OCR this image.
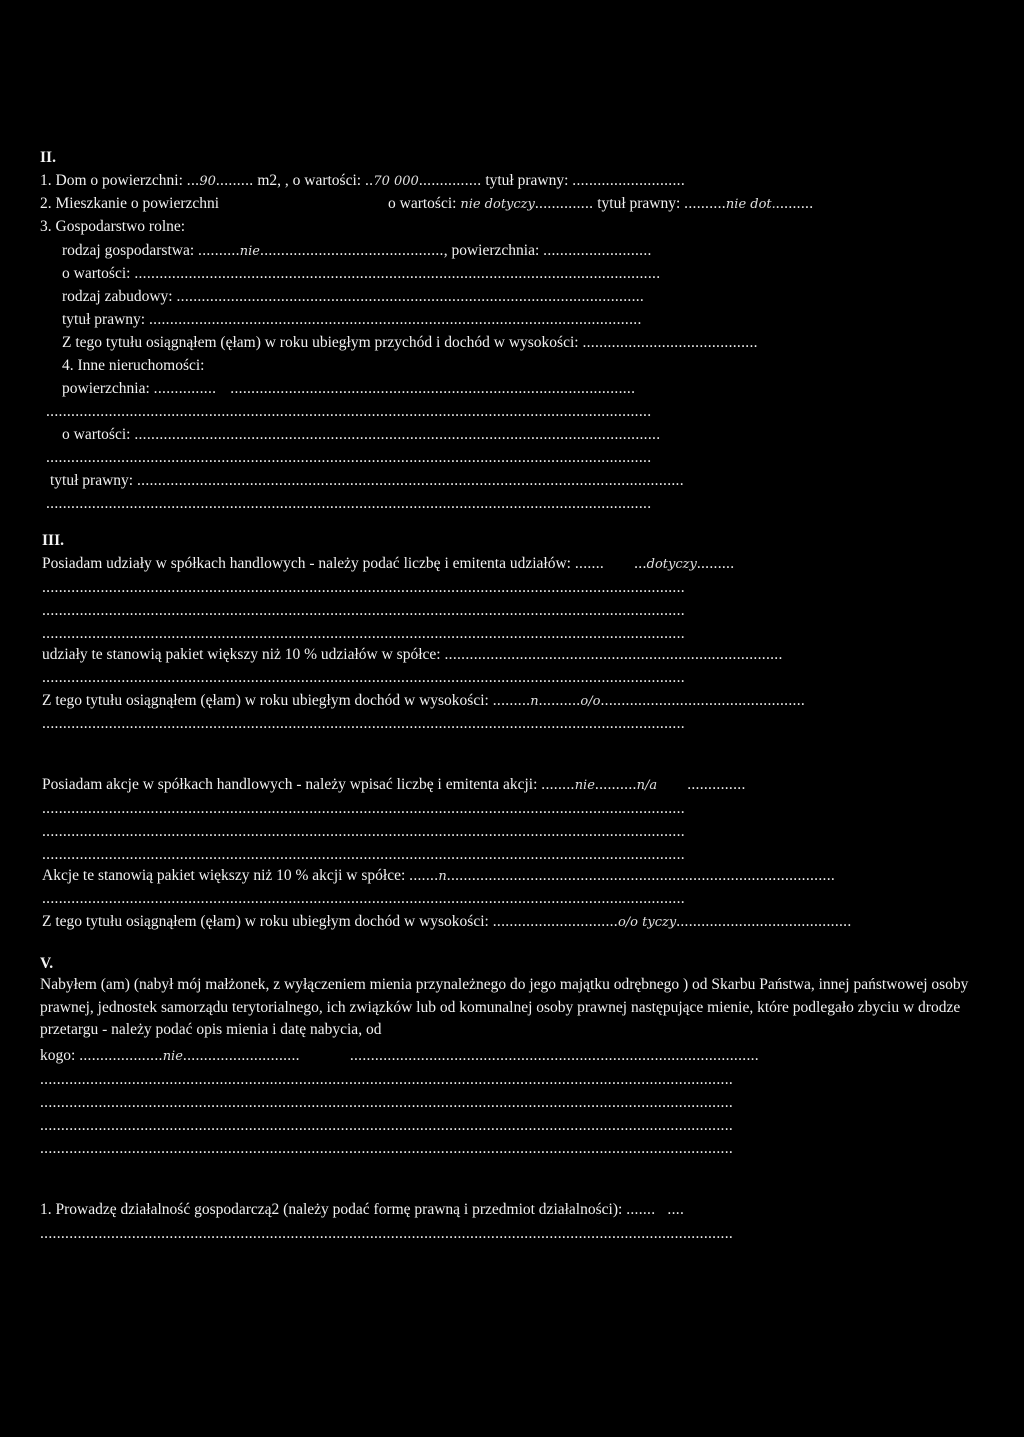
II.
1. Dom o powierzchni: ...90......... m2, , o wartości: ..70 000............... tytuł prawny: ...........................
2. Mieszkanie o powierzchni	o wartości: nie dotyczy.............. tytuł prawny: ..........nie dot..........
3. Gospodarstwo rolne:
rodzaj gospodarstwa: ..........nie............................................, powierzchnia: ..........................
o wartości: ..............................................................................................................................
rodzaj zabudowy: ................................................................................................................
tytuł prawny: ......................................................................................................................
Z tego tytułu osiągnąłem (ęłam) w roku ubiegłym przychód i dochód w wysokości: ..........................................
4. Inne nieruchomości:
powierzchnia: ............... .................................................................................................
.................................................................................................................................................
o wartości: ..............................................................................................................................
.................................................................................................................................................
tytuł prawny: ...................................................................................................................................
.................................................................................................................................................
III.
Posiadam udziały w spółkach handlowych - należy podać liczbę i emitenta udziałów: ....... ...dotyczy.........
..........................................................................................................................................................
..........................................................................................................................................................
..........................................................................................................................................................
udziały te stanowią pakiet większy niż 10 % udziałów w spółce: .................................................................................
..........................................................................................................................................................
Z tego tytułu osiągnąłem (ęłam) w roku ubiegłym dochód w wysokości: .........n..........o/o.................................................
..........................................................................................................................................................
Posiadam akcje w spółkach handlowych - należy wpisać liczbę i emitenta akcji: ........nie..........n/a ..............
..........................................................................................................................................................
..........................................................................................................................................................
..........................................................................................................................................................
Akcje te stanowią pakiet większy niż 10 % akcji w spółce: .......n.............................................................................................
..........................................................................................................................................................
Z tego tytułu osiągnąłem (ęłam) w roku ubiegłym dochód w wysokości: ..............................o/o tyczy..........................................
V.
Nabyłem (am) (nabył mój małżonek, z wyłączeniem mienia przynależnego do jego majątku odrębnego ) od Skarbu Państwa, innej państwowej osoby prawnej, jednostek samorządu terytorialnego, ich związków lub od komunalnej osoby prawnej następujące mienie, które podlegało zbyciu w drodze przetargu - należy podać opis mienia i datę nabycia, od
kogo: ....................nie............................	..................................................................................................
......................................................................................................................................................................
......................................................................................................................................................................
......................................................................................................................................................................
......................................................................................................................................................................
1. Prowadzę działalność gospodarczą2 (należy podać formę prawną i przedmiot działalności): ....... ....
......................................................................................................................................................................
